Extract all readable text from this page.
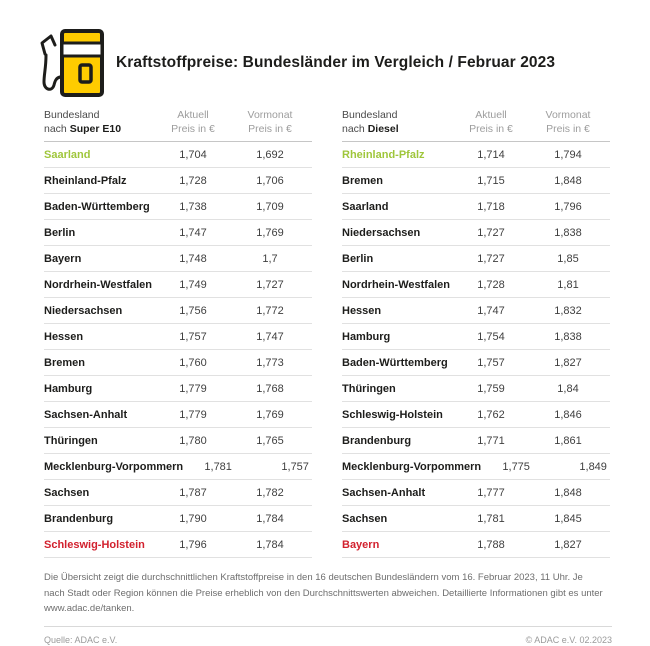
Kraftstoffpreise: Bundesländer im Vergleich / Februar 2023
Bundesland
nach Super E10
Aktuell
Preis in €
Vormonat
Preis in €
Saarland	1,704	1,692
Rheinland-Pfalz	1,728	1,706
Baden-Württemberg	1,738	1,709
Berlin	1,747	1,769
Bayern	1,748	1,7
Nordrhein-Westfalen	1,749	1,727
Niedersachsen	1,756	1,772
Hessen	1,757	1,747
Bremen	1,760	1,773
Hamburg	1,779	1,768
Sachsen-Anhalt	1,779	1,769
Thüringen	1,780	1,765
Mecklenburg-Vorpommern	1,781	1,757
Sachsen	1,787	1,782
Brandenburg	1,790	1,784
Schleswig-Holstein	1,796	1,784
Bundesland
nach Diesel
Aktuell
Preis in €
Vormonat
Preis in €
Rheinland-Pfalz	1,714	1,794
Bremen	1,715	1,848
Saarland	1,718	1,796
Niedersachsen	1,727	1,838
Berlin	1,727	1,85
Nordrhein-Westfalen	1,728	1,81
Hessen	1,747	1,832
Hamburg	1,754	1,838
Baden-Württemberg	1,757	1,827
Thüringen	1,759	1,84
Schleswig-Holstein	1,762	1,846
Brandenburg	1,771	1,861
Mecklenburg-Vorpommern	1,775	1,849
Sachsen-Anhalt	1,777	1,848
Sachsen	1,781	1,845
Bayern	1,788	1,827
Die Übersicht zeigt die durchschnittlichen Kraftstoffpreise in den 16 deutschen Bundesländern vom 16. Februar 2023, 11 Uhr. Je nach Stadt oder Region können die Preise erheblich von den Durchschnittswerten abweichen. Detaillierte Informationen gibt es unter www.adac.de/tanken.
Quelle: ADAC e.V.	© ADAC e.V. 02.2023
